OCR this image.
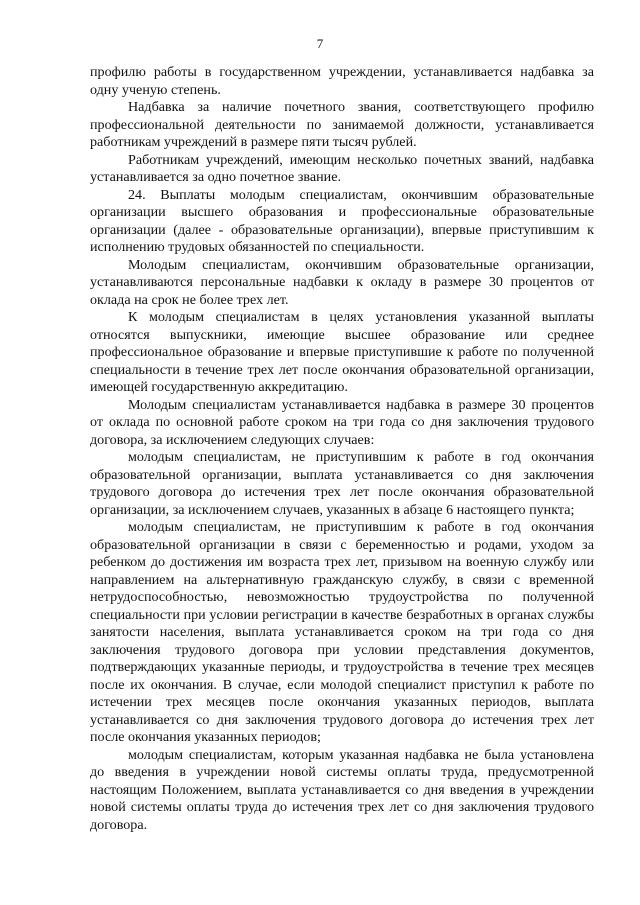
7

профилю работы в государственном учреждении, устанавливается надбавка за одну ученую степень.

Надбавка за наличие почетного звания, соответствующего профилю профессиональной деятельности по занимаемой должности, устанавливается работникам учреждений в размере пяти тысяч рублей.

Работникам учреждений, имеющим несколько почетных званий, надбавка устанавливается за одно почетное звание.

24. Выплаты молодым специалистам, окончившим образовательные организации высшего образования и профессиональные образовательные организации (далее - образовательные организации), впервые приступившим к исполнению трудовых обязанностей по специальности.

Молодым специалистам, окончившим образовательные организации, устанавливаются персональные надбавки к окладу в размере 30 процентов от оклада на срок не более трех лет.

К молодым специалистам в целях установления указанной выплаты относятся выпускники, имеющие высшее образование или среднее профессиональное образование и впервые приступившие к работе по полученной специальности в течение трех лет после окончания образовательной организации, имеющей государственную аккредитацию.

Молодым специалистам устанавливается надбавка в размере 30 процентов от оклада по основной работе сроком на три года со дня заключения трудового договора, за исключением следующих случаев:

молодым специалистам, не приступившим к работе в год окончания образовательной организации, выплата устанавливается со дня заключения трудового договора до истечения трех лет после окончания образовательной организации, за исключением случаев, указанных в абзаце 6 настоящего пункта;

молодым специалистам, не приступившим к работе в год окончания образовательной организации в связи с беременностью и родами, уходом за ребенком до достижения им возраста трех лет, призывом на военную службу или направлением на альтернативную гражданскую службу, в связи с временной нетрудоспособностью, невозможностью трудоустройства по полученной специальности при условии регистрации в качестве безработных в органах службы занятости населения, выплата устанавливается сроком на три года со дня заключения трудового договора при условии представления документов, подтверждающих указанные периоды, и трудоустройства в течение трех месяцев после их окончания. В случае, если молодой специалист приступил к работе по истечении трех месяцев после окончания указанных периодов, выплата устанавливается со дня заключения трудового договора до истечения трех лет после окончания указанных периодов;

молодым специалистам, которым указанная надбавка не была установлена до введения в учреждении новой системы оплаты труда, предусмотренной настоящим Положением, выплата устанавливается со дня введения в учреждении новой системы оплаты труда до истечения трех лет со дня заключения трудового договора.
